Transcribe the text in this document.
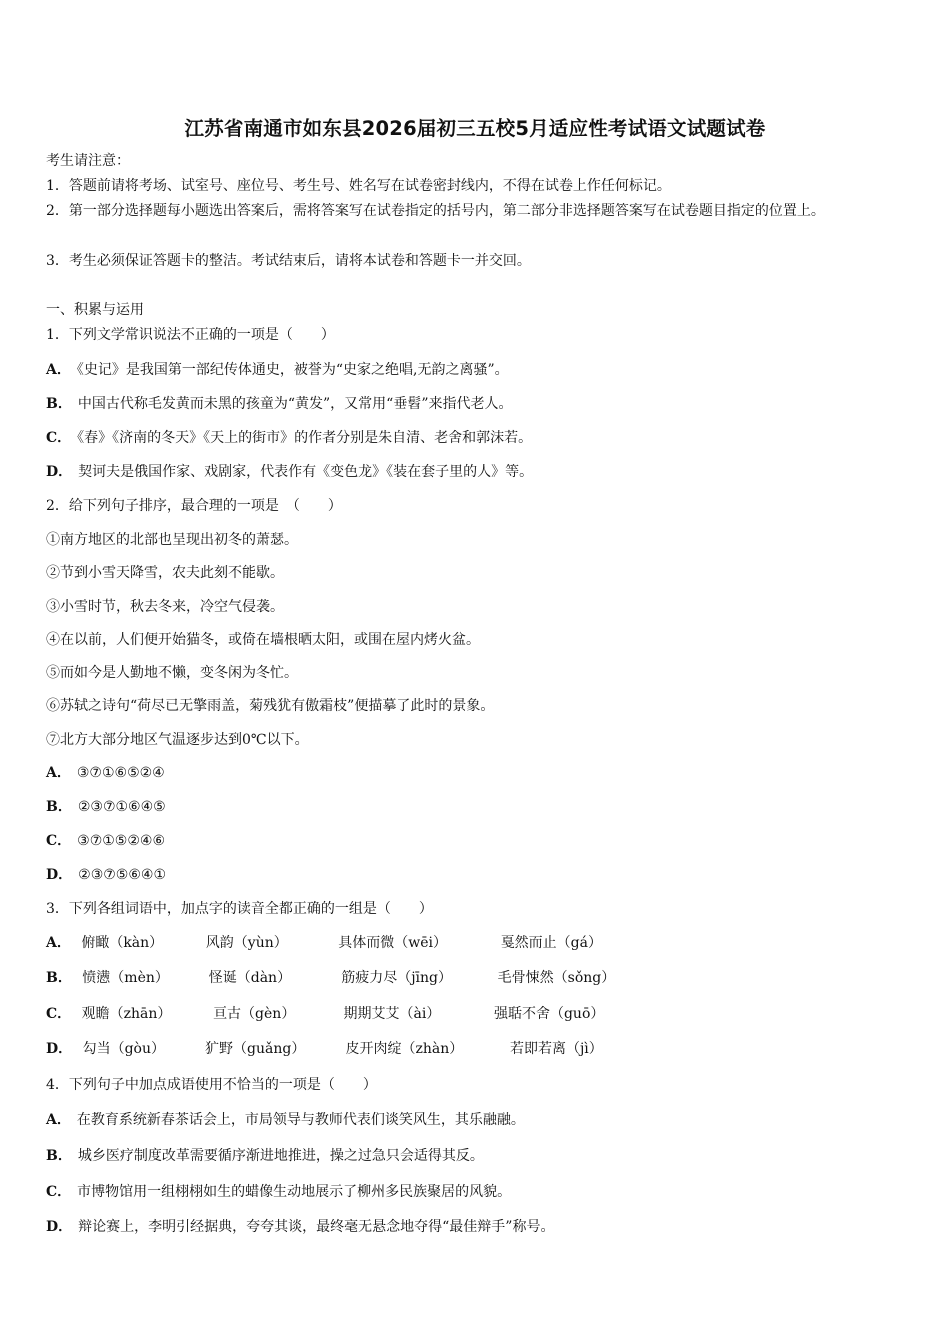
江苏省南通市如东县2026届初三五校5月适应性考试语文试题试卷
考生请注意：
1．答题前请将考场、试室号、座位号、考生号、姓名写在试卷密封线内，不得在试卷上作任何标记。
2．第一部分选择题每小题选出答案后，需将答案写在试卷指定的括号内，第二部分非选择题答案写在试卷题目指定的位置上。
3．考生必须保证答题卡的整洁。考试结束后，请将本试卷和答题卡一并交回。
一、积累与运用
1．下列文学常识说法不正确的一项是（　　）
A． 《史记》是我国第一部纪传体通史，被誉为“史家之绝唱,无韵之离骚”。
B． 中国古代称毛发黄而未黑的孩童为“黄发”，又常用“垂髫”来指代老人。
C． 《春》《济南的冬天》《天上的街市》的作者分别是朱自清、老舍和郭沫若。
D． 契诃夫是俄国作家、戏剧家，代表作有《变色龙》《装在套子里的人》等。
2．给下列句子排序，最合理的一项是　（　　）
①南方地区的北部也呈现出初冬的萧瑟。
②节到小雪天降雪，农夫此刻不能歇。
③小雪时节，秋去冬来，冷空气侵袭。
④在以前，人们便开始猫冬，或倚在墙根晒太阳，或围在屋内烤火盆。
⑤而如今是人勤地不懒，变冬闲为冬忙。
⑥苏轼之诗句“荷尽已无擎雨盖，菊残犹有傲霜枝”便描摹了此时的景象。
⑦北方大部分地区气温逐步达到0℃以下。
A． ③⑦①⑥⑤②④
B． ②③⑦①⑥④⑤
C． ③⑦①⑤②④⑥
D． ②③⑦⑤⑥④①
3．下列各组词语中，加点字的读音全都正确的一组是（　　）
A． 俯瞰（kàn）	风韵（yùn）	具体而微（wēi）	戛然而止（gá）
B． 愤懑（mèn）	怪诞（dàn）	筋疲力尽（jīng）	毛骨悚然（sǒng）
C． 观瞻（zhān）	亘古（gèn）	期期艾艾（ài）	强聒不舍（guō）
D． 勾当（gòu）	犷野（guǎng）	皮开肉绽（zhàn）	若即若离（jì）
4．下列句子中加点成语使用不恰当的一项是（　　）
A． 在教育系统新春茶话会上，市局领导与教师代表们谈笑风生，其乐融融。
B． 城乡医疗制度改革需要循序渐进地推进，操之过急只会适得其反。
C． 市博物馆用一组栩栩如生的蜡像生动地展示了柳州多民族聚居的风貌。
D． 辩论赛上，李明引经据典，夸夸其谈，最终毫无悬念地夺得“最佳辩手”称号。
